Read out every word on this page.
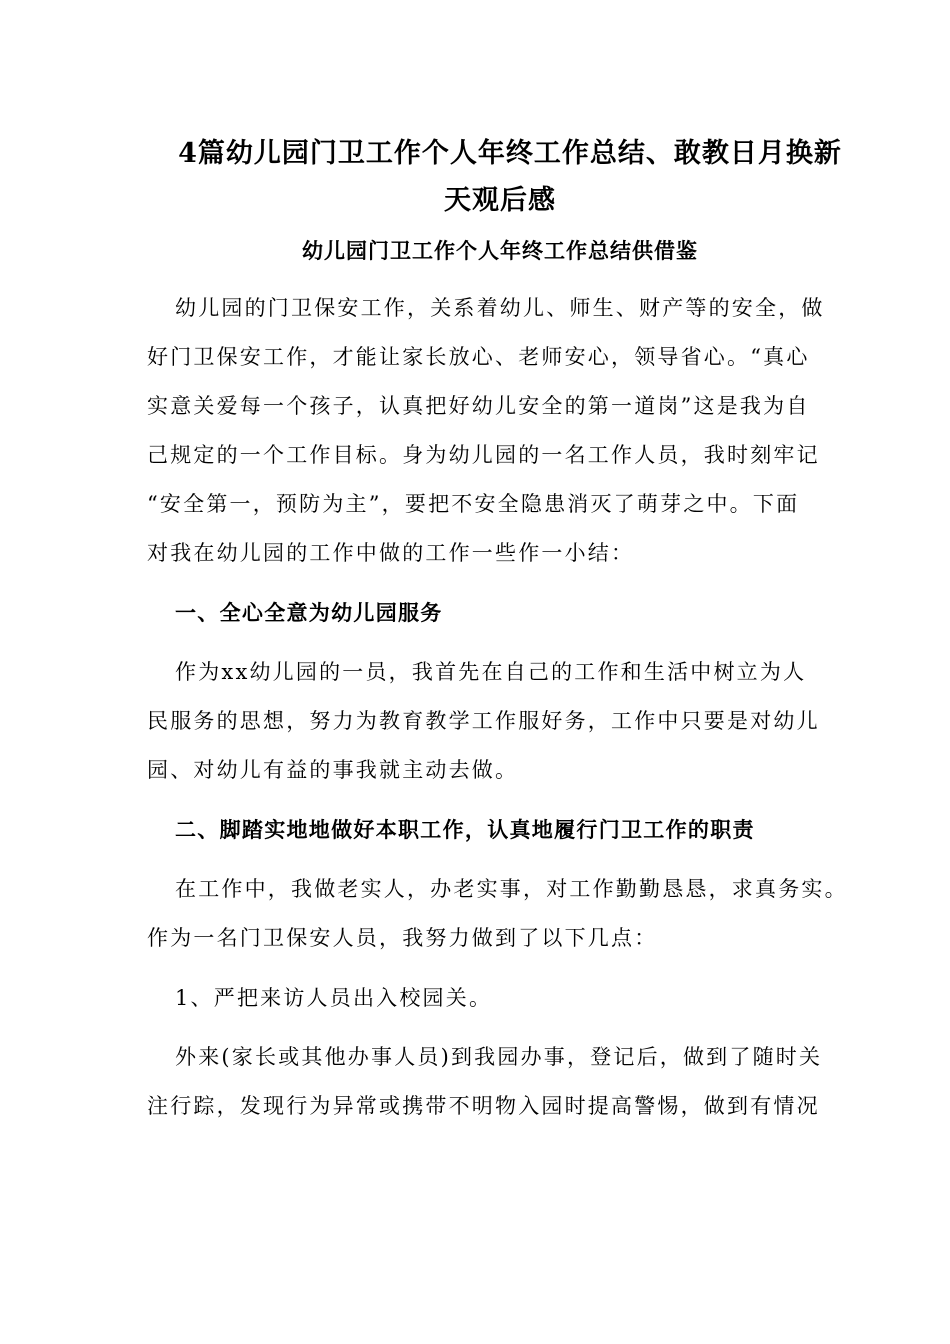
4篇幼儿园门卫工作个人年终工作总结、敢教日月换新
天观后感
幼儿园门卫工作个人年终工作总结供借鉴
幼儿园的门卫保安工作，关系着幼儿、师生、财产等的安全，做
好门卫保安工作，才能让家长放心、老师安心，领导省心。“真心
实意关爱每一个孩子，认真把好幼儿安全的第一道岗”这是我为自
己规定的一个工作目标。身为幼儿园的一名工作人员，我时刻牢记
“安全第一，预防为主”，要把不安全隐患消灭了萌芽之中。下面
对我在幼儿园的工作中做的工作一些作一小结：
一、全心全意为幼儿园服务
作为xx幼儿园的一员，我首先在自己的工作和生活中树立为人
民服务的思想，努力为教育教学工作服好务，工作中只要是对幼儿
园、对幼儿有益的事我就主动去做。
二、脚踏实地地做好本职工作，认真地履行门卫工作的职责
在工作中，我做老实人，办老实事，对工作勤勤恳恳，求真务实。
作为一名门卫保安人员，我努力做到了以下几点：
1、严把来访人员出入校园关。
外来(家长或其他办事人员)到我园办事，登记后，做到了随时关
注行踪，发现行为异常或携带不明物入园时提高警惕，做到有情况
